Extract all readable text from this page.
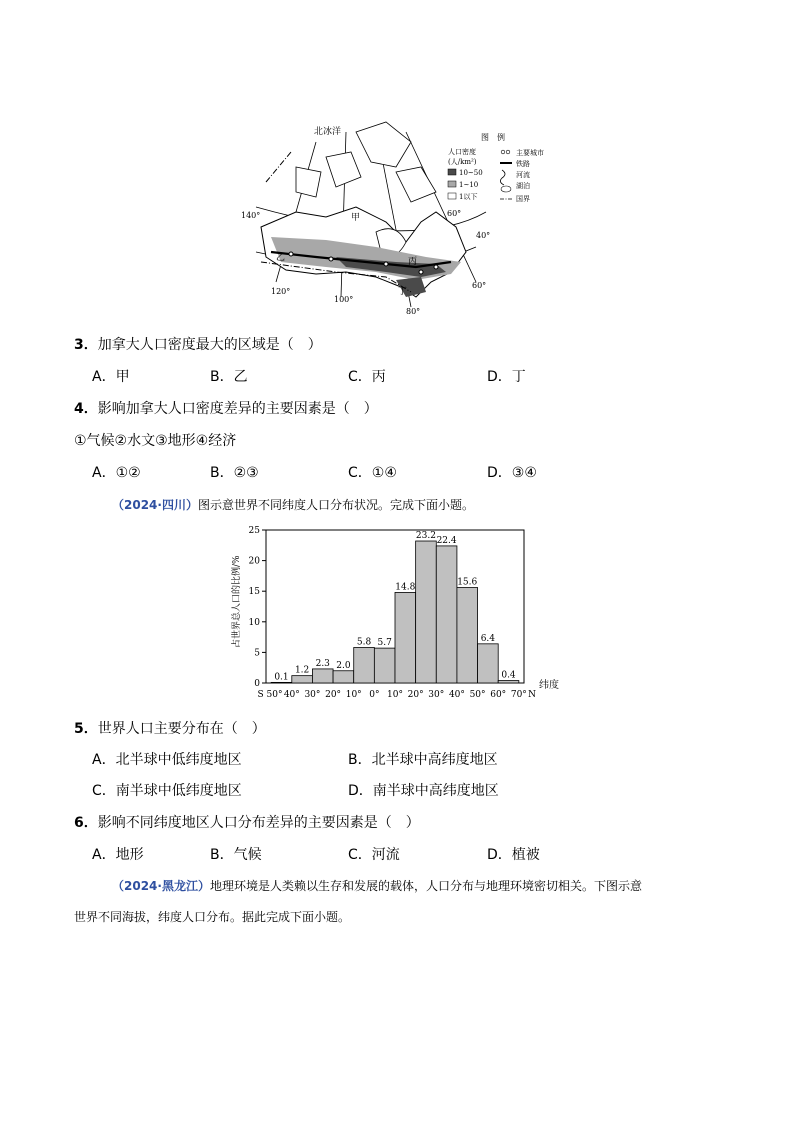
北冰洋
甲
乙	丙
丁
140°
120°
100°
80°
60°
40°
60°
图　例
人口密度
(人/km²)
10~50
1~10
1以下
主要城市
铁路
河流
湖泊
国界
3．加拿大人口密度最大的区域是（　）
A．甲	B．乙	C．丙	D．丁
4．影响加拿大人口密度差异的主要因素是（　）
①气候②水文③地形④经济
A．①②	B．②③	C．①④	D．③④
（2024·四川）图示意世界不同纬度人口分布状况。完成下面小题。
占世界总人口的比例/%
纬度
0
5
10
15
20
25
0.1
1.2
2.3 2.0
5.8 5.7
14.8
23.2 22.4
15.6
6.4
0.4
S 50° 40° 30° 20° 10° 0° 10° 20° 30° 40° 50° 60° 70° N
5．世界人口主要分布在（　）
A．北半球中低纬度地区	B．北半球中高纬度地区
C．南半球中低纬度地区	D．南半球中高纬度地区
6．影响不同纬度地区人口分布差异的主要因素是（　）
A．地形	B．气候	C．河流	D．植被
（2024·黑龙江）地理环境是人类赖以生存和发展的载体，人口分布与地理环境密切相关。下图示意
世界不同海拔，纬度人口分布。据此完成下面小题。
